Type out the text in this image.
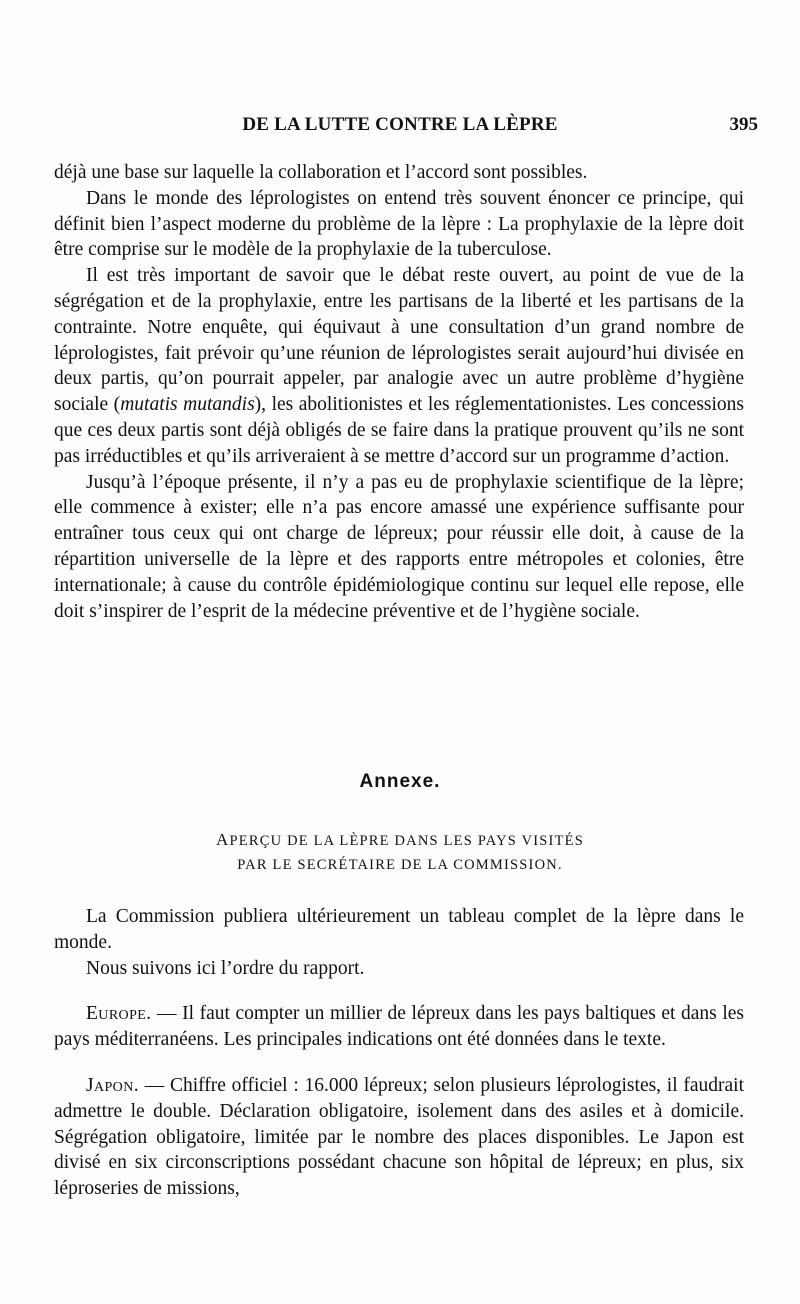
DE LA LUTTE CONTRE LA LÈPRE	395

déjà une base sur laquelle la collaboration et l’accord sont possibles.

Dans le monde des léprologistes on entend très souvent énoncer ce principe, qui définit bien l’aspect moderne du problème de la lèpre : La prophylaxie de la lèpre doit être comprise sur le modèle de la prophylaxie de la tuberculose.

Il est très important de savoir que le débat reste ouvert, au point de vue de la ségrégation et de la prophylaxie, entre les partisans de la liberté et les partisans de la contrainte. Notre enquête, qui équivaut à une consultation d’un grand nombre de léprologistes, fait prévoir qu’une réunion de léprologistes serait aujourd’hui divisée en deux partis, qu’on pourrait appeler, par analogie avec un autre problème d’hygiène sociale (mutatis mutandis), les abolitionistes et les réglementationistes. Les concessions que ces deux partis sont déjà obligés de se faire dans la pratique prouvent qu’ils ne sont pas irréductibles et qu’ils arriveraient à se mettre d’accord sur un programme d’action.

Jusqu’à l’époque présente, il n’y a pas eu de prophylaxie scientifique de la lèpre; elle commence à exister; elle n’a pas encore amassé une expérience suffisante pour entraîner tous ceux qui ont charge de lépreux; pour réussir elle doit, à cause de la répartition universelle de la lèpre et des rapports entre métropoles et colonies, être internationale; à cause du contrôle épidémiologique continu sur lequel elle repose, elle doit s’inspirer de l’esprit de la médecine préventive et de l’hygiène sociale.

Annexe.
APERÇU DE LA LÈPRE DANS LES PAYS VISITÉS
PAR LE SECRÉTAIRE DE LA COMMISSION.

La Commission publiera ultérieurement un tableau complet de la lèpre dans le monde.

Nous suivons ici l’ordre du rapport.

Europe. — Il faut compter un millier de lépreux dans les pays baltiques et dans les pays méditerranéens. Les principales indications ont été données dans le texte.

Japon. — Chiffre officiel : 16.000 lépreux; selon plusieurs léprologistes, il faudrait admettre le double. Déclaration obligatoire, isolement dans des asiles et à domicile. Ségrégation obligatoire, limitée par le nombre des places disponibles. Le Japon est divisé en six circonscriptions possédant chacune son hôpital de lépreux; en plus, six léproseries de missions,
